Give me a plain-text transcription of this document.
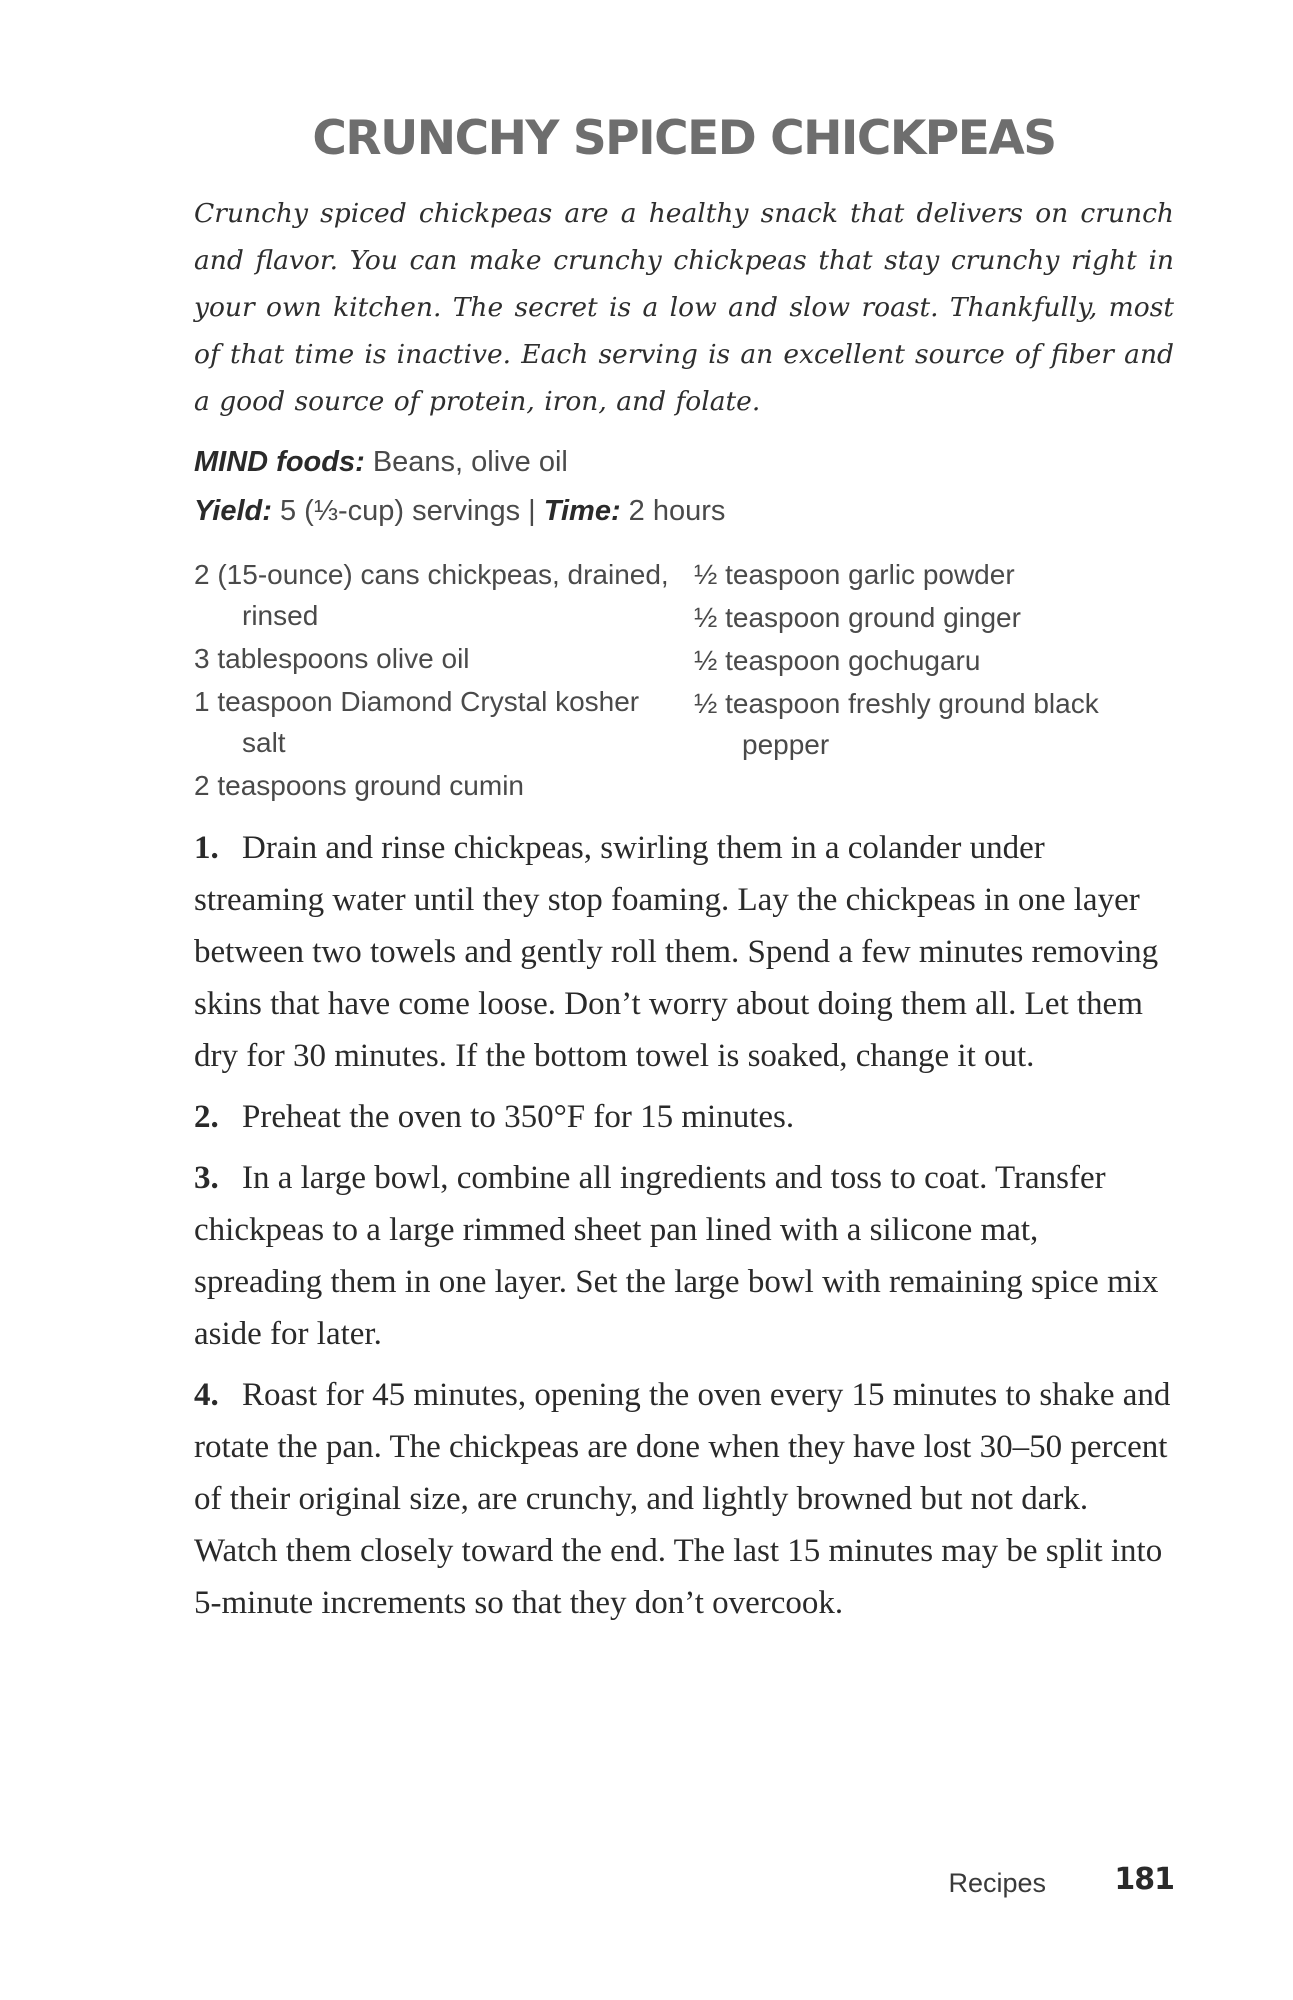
CRUNCHY SPICED CHICKPEAS

Crunchy spiced chickpeas are a healthy snack that delivers on crunch and flavor. You can make crunchy chickpeas that stay crunchy right in your own kitchen. The secret is a low and slow roast. Thankfully, most of that time is inactive. Each serving is an excellent source of fiber and a good source of protein, iron, and folate.

MIND foods: Beans, olive oil

Yield: 5 (⅓-cup) servings | Time: 2 hours

2 (15-ounce) cans chickpeas, drained, rinsed
3 tablespoons olive oil
1 teaspoon Diamond Crystal kosher salt
2 teaspoons ground cumin
½ teaspoon garlic powder
½ teaspoon ground ginger
½ teaspoon gochugaru
½ teaspoon freshly ground black pepper
1. Drain and rinse chickpeas, swirling them in a colander under streaming water until they stop foaming. Lay the chickpeas in one layer between two towels and gently roll them. Spend a few minutes removing skins that have come loose. Don’t worry about doing them all. Let them dry for 30 minutes. If the bottom towel is soaked, change it out.
2. Preheat the oven to 350°F for 15 minutes.
3. In a large bowl, combine all ingredients and toss to coat. Transfer chickpeas to a large rimmed sheet pan lined with a silicone mat, spreading them in one layer. Set the large bowl with remaining spice mix aside for later.
4. Roast for 45 minutes, opening the oven every 15 minutes to shake and rotate the pan. The chickpeas are done when they have lost 30–50 percent of their original size, are crunchy, and lightly browned but not dark. Watch them closely toward the end. The last 15 minutes may be split into 5-minute increments so that they don’t overcook.
Recipes 181
